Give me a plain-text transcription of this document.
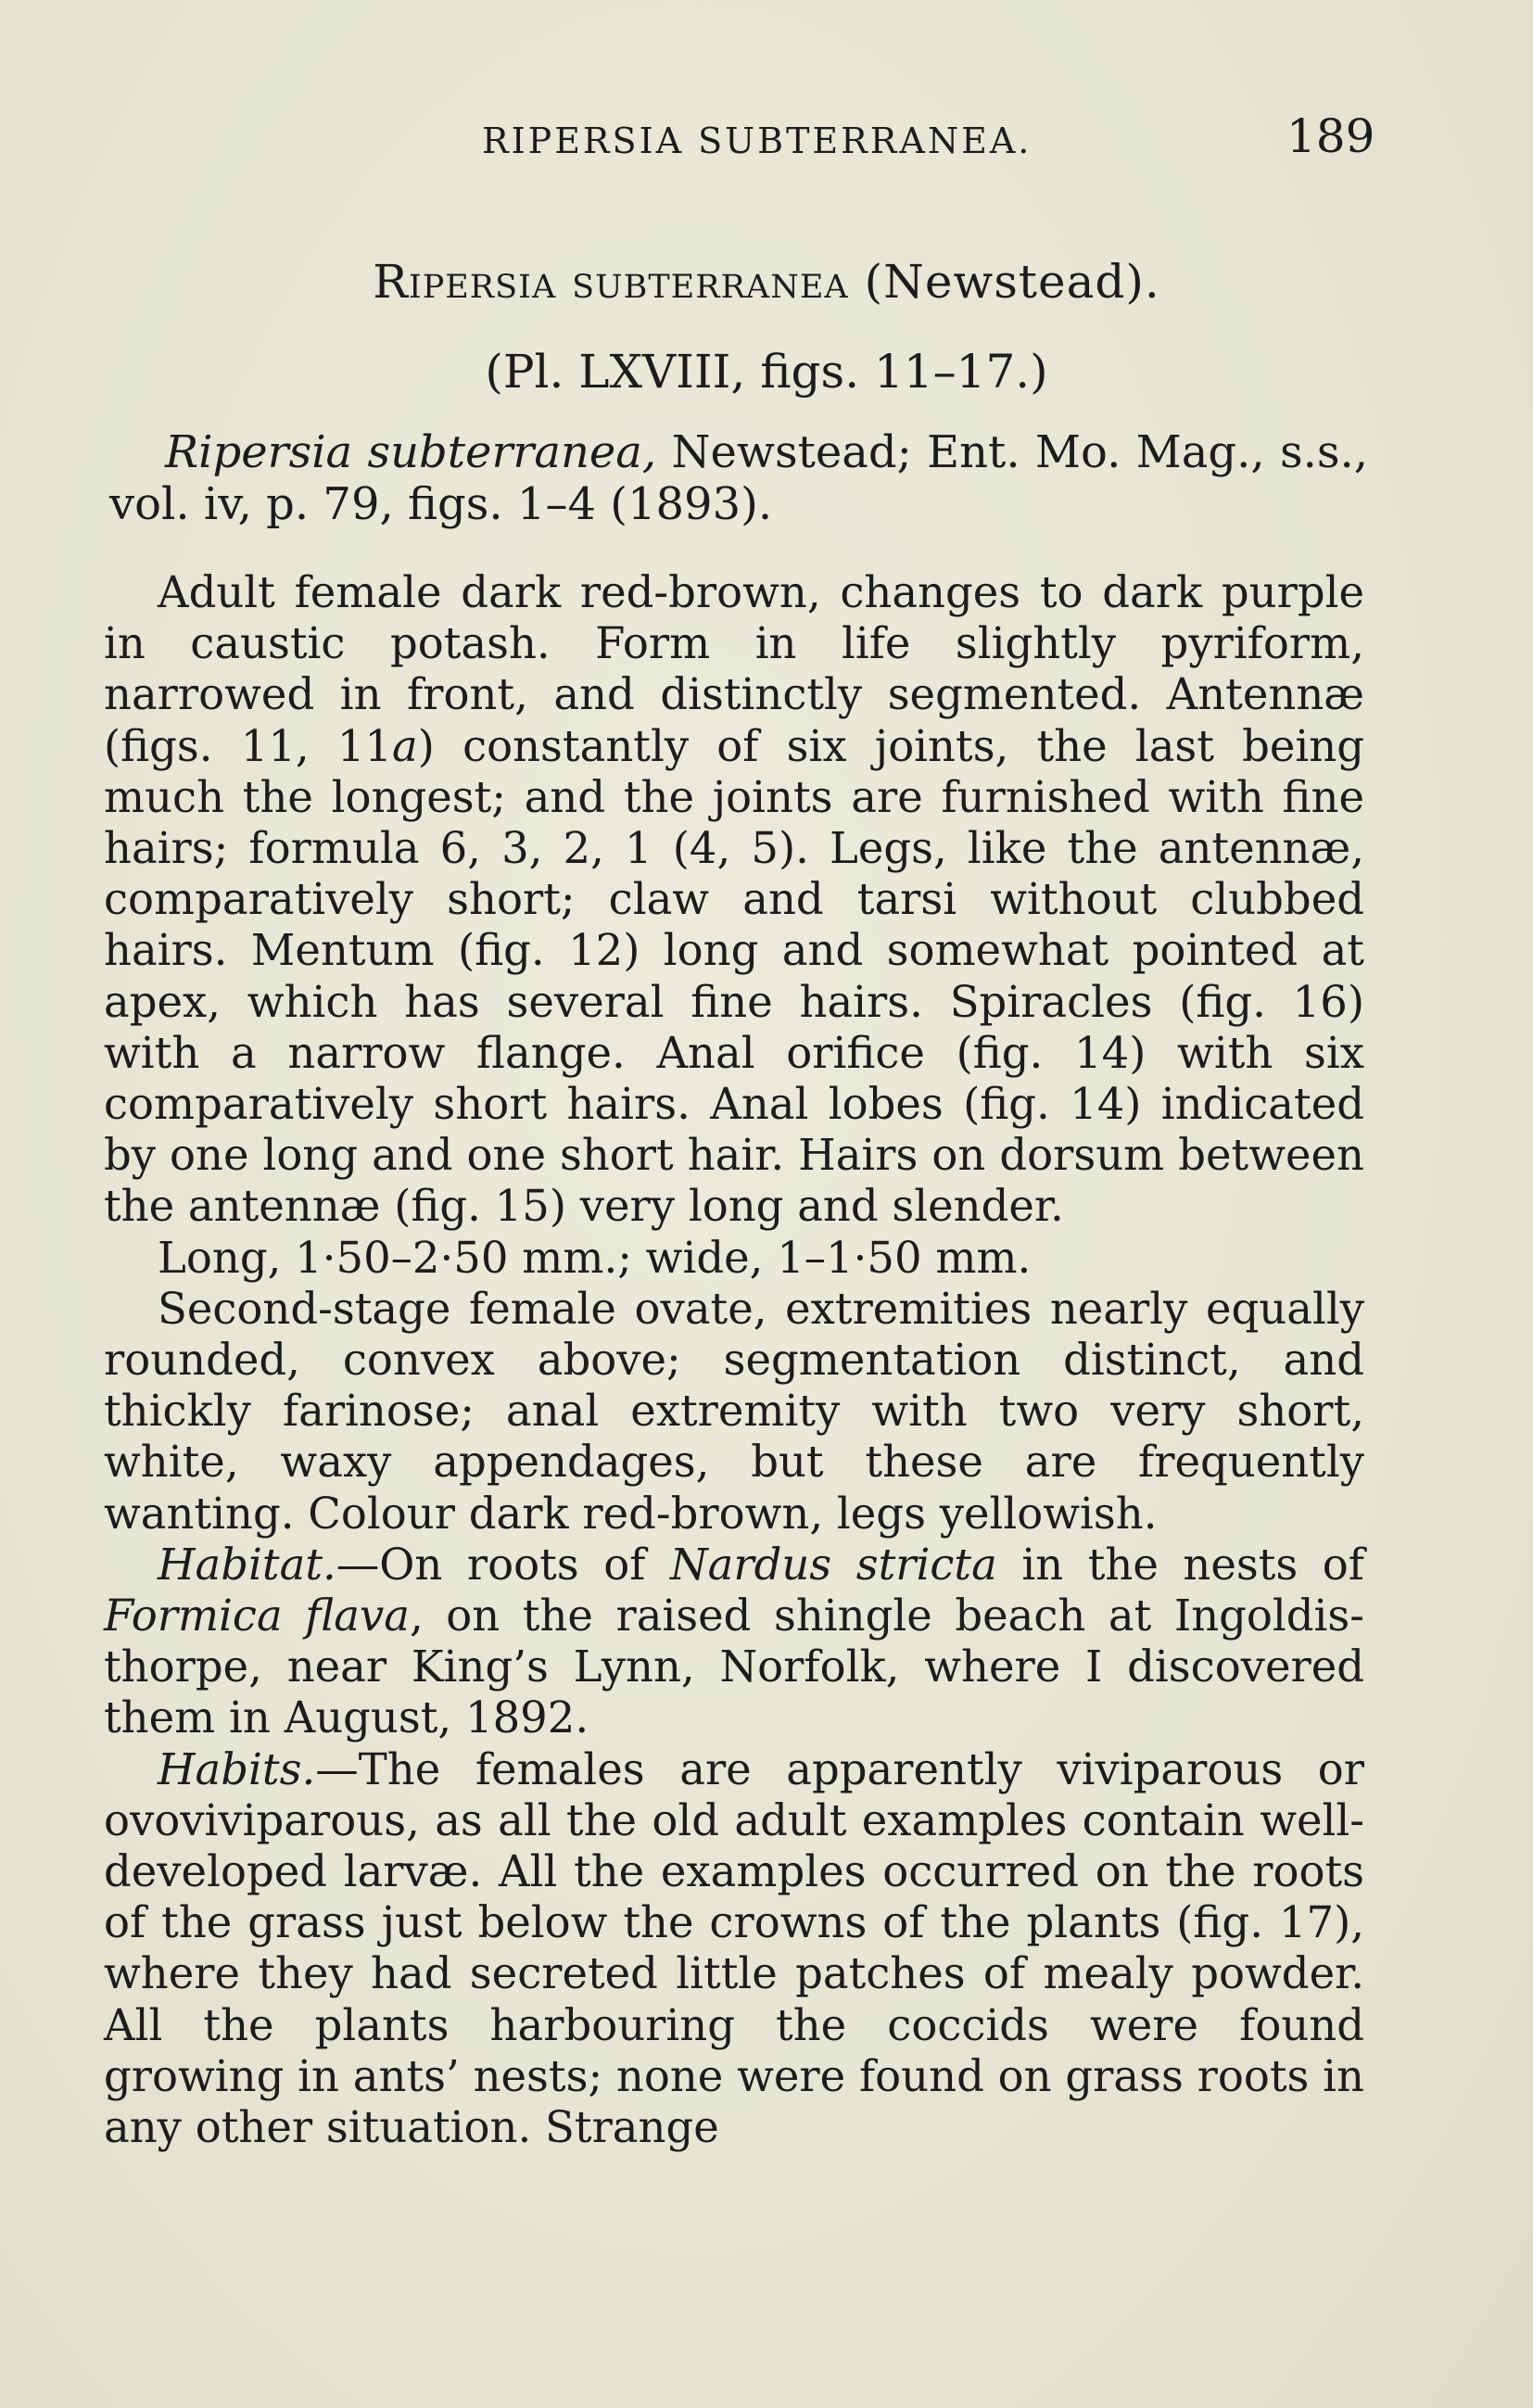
RIPERSIA SUBTERRANEA.	189
Ripersia subterranea (Newstead).
(Pl. LXVIII, figs. 11–17.)
Ripersia subterranea, Newstead; Ent. Mo. Mag., s.s., vol. iv, p. 79, figs. 1–4 (1893).

Adult female dark red-brown, changes to dark purple in caustic potash. Form in life slightly pyriform, narrowed in front, and distinctly segmented. Antennæ (figs. 11, 11a) constantly of six joints, the last being much the longest; and the joints are furnished with fine hairs; formula 6, 3, 2, 1 (4, 5). Legs, like the antennæ, comparatively short; claw and tarsi without clubbed hairs. Mentum (fig. 12) long and somewhat pointed at apex, which has several fine hairs. Spiracles (fig. 16) with a narrow flange. Anal orifice (fig. 14) with six comparatively short hairs. Anal lobes (fig. 14) indicated by one long and one short hair. Hairs on dorsum between the antennæ (fig. 15) very long and slender.

Long, 1·50–2·50 mm.; wide, 1–1·50 mm.

Second-stage female ovate, extremities nearly equally rounded, convex above; segmentation distinct, and thickly farinose; anal extremity with two very short, white, waxy appendages, but these are frequently wanting. Colour dark red-brown, legs yellowish.

Habitat.—On roots of Nardus stricta in the nests of Formica flava, on the raised shingle beach at Ingoldisthorpe, near King’s Lynn, Norfolk, where I discovered them in August, 1892.

Habits.—The females are apparently viviparous or ovoviviparous, as all the old adult examples contain well-developed larvæ. All the examples occurred on the roots of the grass just below the crowns of the plants (fig. 17), where they had secreted little patches of mealy powder. All the plants harbouring the coccids were found growing in ants’ nests; none were found on grass roots in any other situation. Strange
